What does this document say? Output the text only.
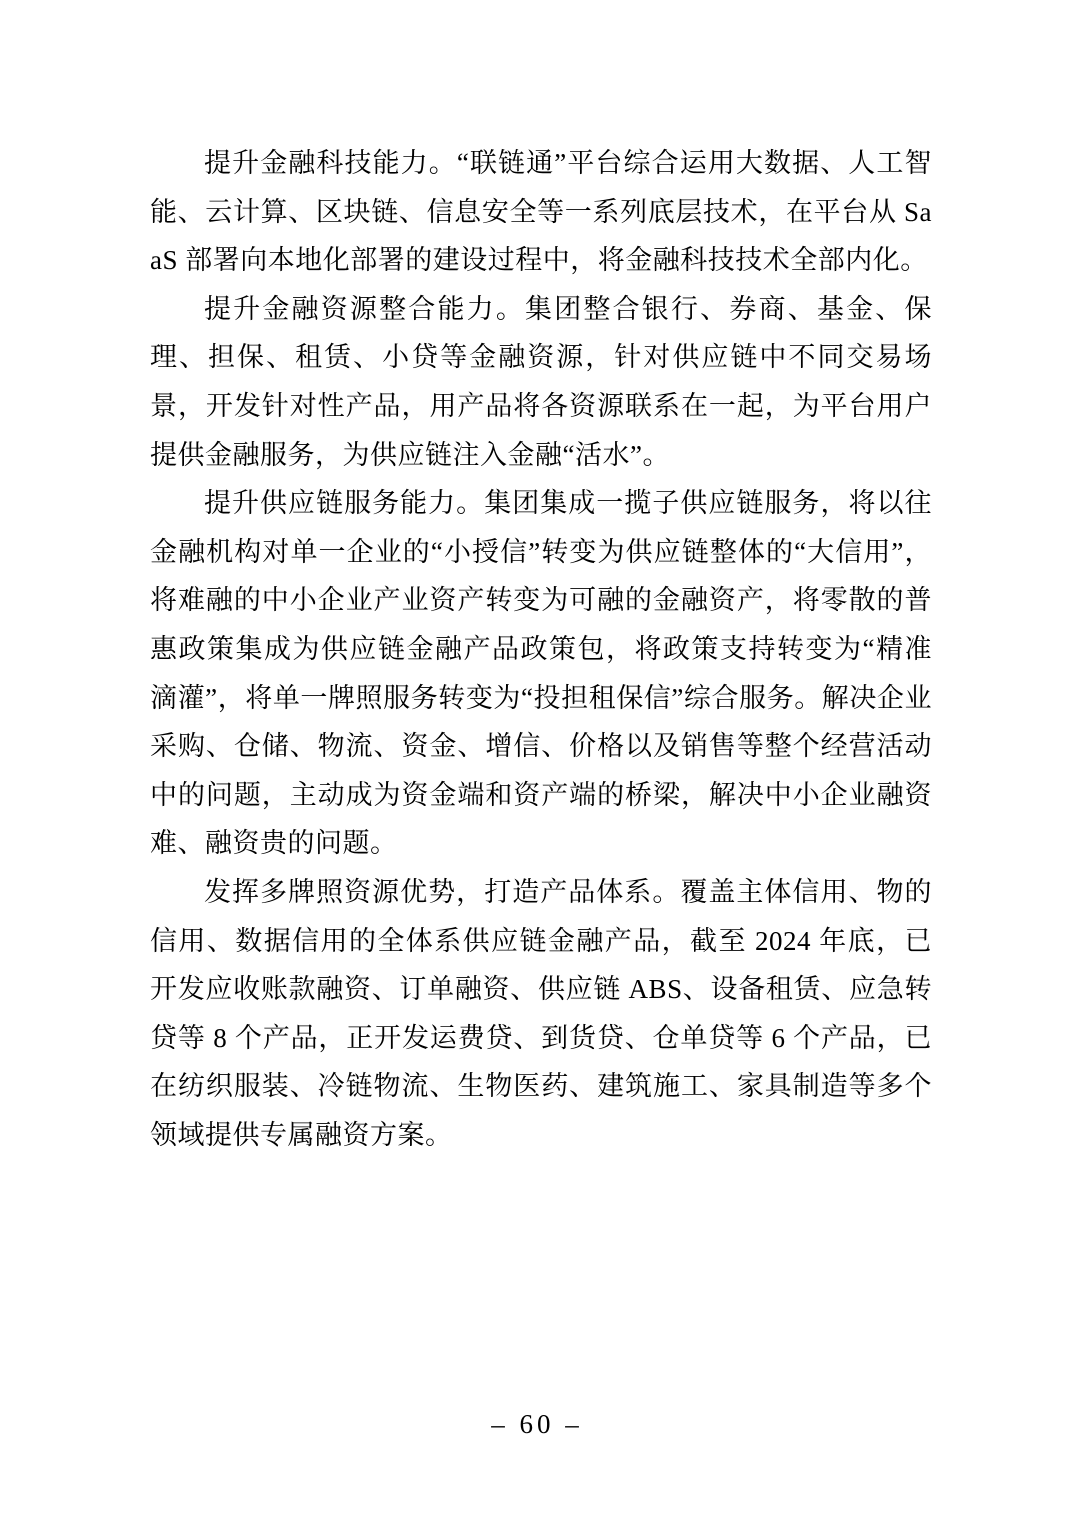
提升金融科技能力。“联链通”平台综合运用大数据、人工智能、云计算、区块链、信息安全等一系列底层技术，在平台从 SaaS 部署向本地化部署的建设过程中，将金融科技技术全部内化。

提升金融资源整合能力。集团整合银行、券商、基金、保理、担保、租赁、小贷等金融资源，针对供应链中不同交易场景，开发针对性产品，用产品将各资源联系在一起，为平台用户提供金融服务，为供应链注入金融“活水”。

提升供应链服务能力。集团集成一揽子供应链服务，将以往金融机构对单一企业的“小授信”转变为供应链整体的“大信用”，将难融的中小企业产业资产转变为可融的金融资产，将零散的普惠政策集成为供应链金融产品政策包，将政策支持转变为“精准滴灌”，将单一牌照服务转变为“投担租保信”综合服务。解决企业采购、仓储、物流、资金、增信、价格以及销售等整个经营活动中的问题，主动成为资金端和资产端的桥梁，解决中小企业融资难、融资贵的问题。

发挥多牌照资源优势，打造产品体系。覆盖主体信用、物的信用、数据信用的全体系供应链金融产品，截至 2024 年底，已开发应收账款融资、订单融资、供应链 ABS、设备租赁、应急转贷等 8 个产品，正开发运费贷、到货贷、仓单贷等 6 个产品，已在纺织服装、冷链物流、生物医药、建筑施工、家具制造等多个领域提供专属融资方案。

– 60 –
